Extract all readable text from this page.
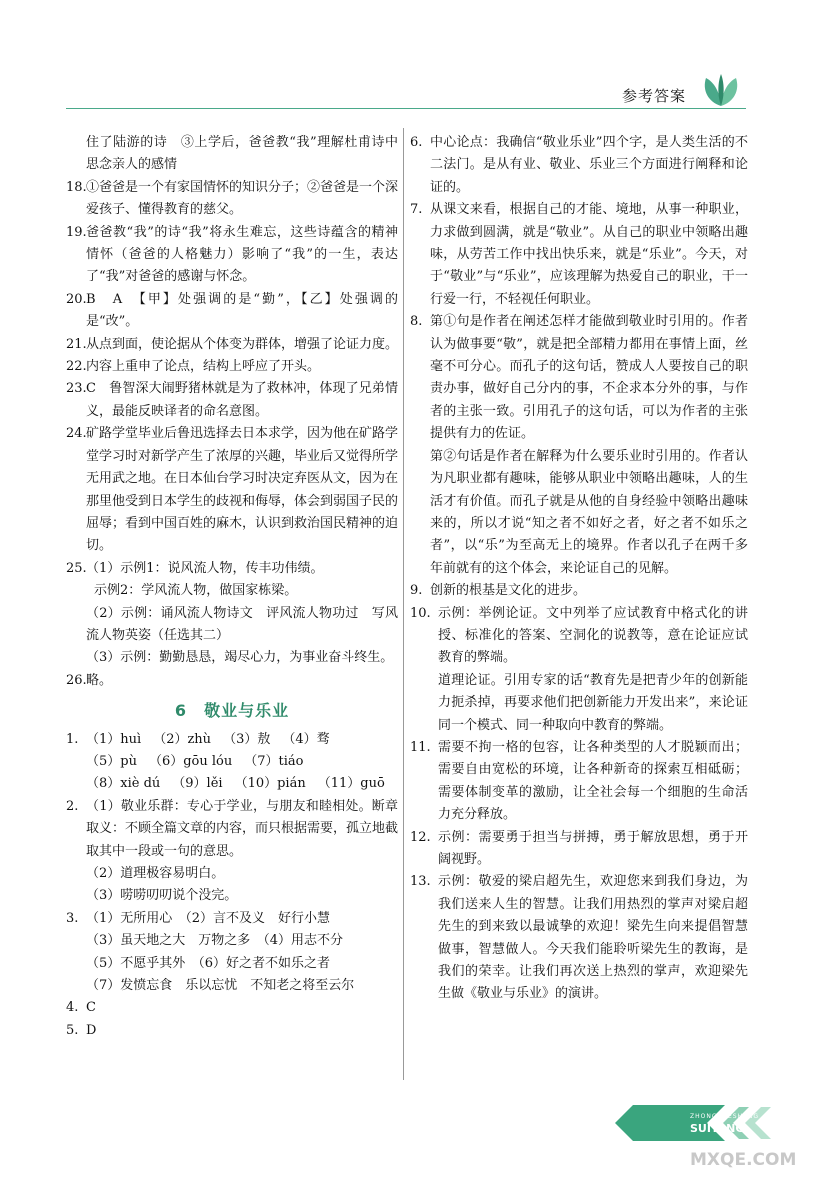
参考答案
住了陆游的诗　③上学后，爸爸教“我”理解杜甫诗中思念亲人的感情
18. ①爸爸是一个有家国情怀的知识分子；②爸爸是一个深爱孩子、懂得教育的慈父。
19. 爸爸教“我”的诗“我”将永生难忘，这些诗蕴含的精神情怀（爸爸的人格魅力）影响了“我”的一生，表达了“我”对爸爸的感谢与怀念。
20. B　A　【甲】处强调的是“勤”，【乙】处强调的是“改”。
21. 从点到面，使论据从个体变为群体，增强了论证力度。
22. 内容上重申了论点，结构上呼应了开头。
23. C　鲁智深大闹野猪林就是为了救林冲，体现了兄弟情义，最能反映译者的命名意图。
24. 矿路学堂毕业后鲁迅选择去日本求学，因为他在矿路学堂学习时对新学产生了浓厚的兴趣，毕业后又觉得所学无用武之地。在日本仙台学习时决定弃医从文，因为在那里他受到日本学生的歧视和侮辱，体会到弱国子民的屈辱；看到中国百姓的麻木，认识到救治国民精神的迫切。
25. （1）示例1：说风流人物，传丰功伟绩。
示例2：学风流人物，做国家栋梁。
（2）示例：诵风流人物诗文　评风流人物功过　写风流人物英姿（任选其二）
（3）示例：勤勤恳恳，竭尽心力，为事业奋斗终生。
26. 略。
6　 敬业与乐业
1. （1）huì （2）zhù （3）敖 （4）骛
（5）pù （6）gōu lóu （7）tiáo
（8）xiè dú （9）lěi （10）pián （11）guō
2. （1）敬业乐群：专心于学业，与朋友和睦相处。断章取义：不顾全篇文章的内容，而只根据需要，孤立地截取其中一段或一句的意思。
（2）道理极容易明白。
（3）唠唠叨叨说个没完。
3. （1）无所用心　（2）言不及义　好行小慧
（3）虽天地之大　万物之多　（4）用志不分
（5）不愿乎其外　（6）好之者不如乐之者
（7）发愤忘食　乐以忘忧　不知老之将至云尔
4. C
5. D
6. 中心论点：我确信“敬业乐业”四个字，是人类生活的不二法门。是从有业、敬业、乐业三个方面进行阐释和论证的。
7. 从课文来看，根据自己的才能、境地，从事一种职业，力求做到圆满，就是“敬业”。从自己的职业中领略出趣味，从劳苦工作中找出快乐来，就是“乐业”。今天，对于“敬业”与“乐业”，应该理解为热爱自己的职业，干一行爱一行，不轻视任何职业。
8. 第①句是作者在阐述怎样才能做到敬业时引用的。作者认为做事要“敬”，就是把全部精力都用在事情上面，丝毫不可分心。而孔子的这句话，赞成人人要按自己的职责办事，做好自己分内的事，不企求本分外的事，与作者的主张一致。引用孔子的这句话，可以为作者的主张提供有力的佐证。
第②句话是作者在解释为什么要乐业时引用的。作者认为凡职业都有趣味，能够从职业中领略出趣味，人的生活才有价值。而孔子就是从他的自身经验中领略出趣味来的，所以才说“知之者不如好之者，好之者不如乐之者”，以“乐”为至高无上的境界。作者以孔子在两千多年前就有的这个体会，来论证自己的见解。
9. 创新的根基是文化的进步。
10. 示例：举例论证。文中列举了应试教育中格式化的讲授、标准化的答案、空洞化的说教等，意在论证应试教育的弊端。
道理论证。引用专家的话“教育先是把青少年的创新能力扼杀掉，再要求他们把创新能力开发出来”，来论证同一个模式、同一种取向中教育的弊端。
11. 需要不拘一格的包容，让各种类型的人才脱颖而出；需要自由宽松的环境，让各种新奇的探索互相砥砺；需要体制变革的激励，让全社会每一个细胞的生命活力充分释放。
12. 示例：需要勇于担当与拼搏，勇于解放思想，勇于开阔视野。
13. 示例：敬爱的梁启超先生，欢迎您来到我们身边，为我们送来人生的智慧。让我们用热烈的掌声对梁启超先生的到来致以最诚挚的欢迎！梁先生向来提倡智慧做事，智慧做人。今天我们能聆听梁先生的教诲，是我们的荣幸。让我们再次送上热烈的掌声，欢迎梁先生做《敬业与乐业》的演讲。
ZHONGXUESHENG
SUITANG
MXQE.COM
